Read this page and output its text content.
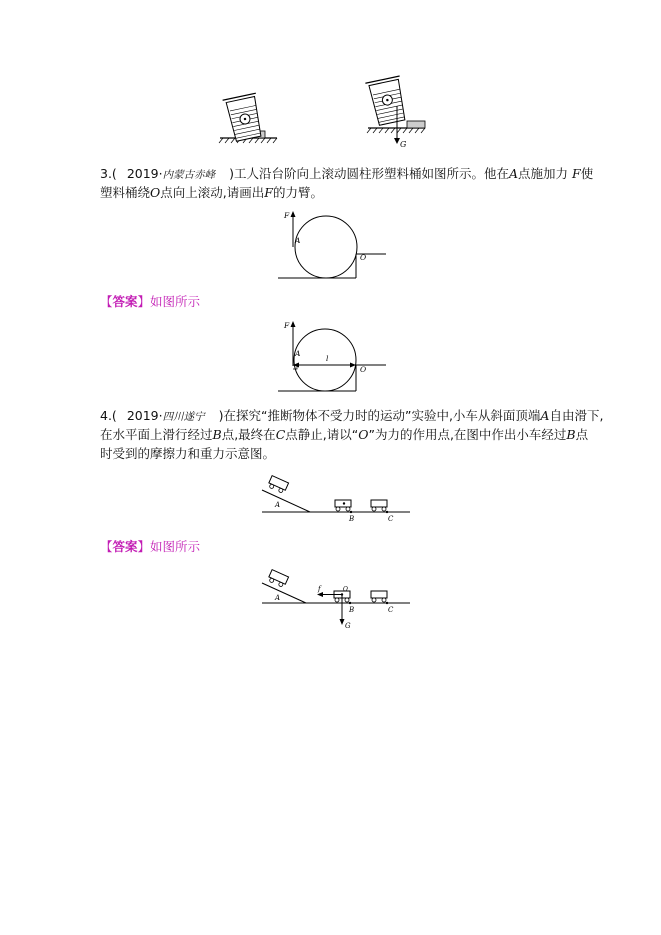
G
3.( 2019·内蒙古赤峰 )工人沿台阶向上滚动圆柱形塑料桶如图所示。他在A点施加力 F使
塑料桶绕O点向上滚动,请画出F的力臂。
F
A
O
【答案】如图所示
F
A
l
O
4.( 2019·四川遂宁 )在探究“推断物体不受力时的运动”实验中,小车从斜面顶端A自由滑下,
在水平面上滑行经过B点,最终在C点静止,请以“O”为力的作用点,在图中作出小车经过B点
时受到的摩擦力和重力示意图。
A
B	C
【答案】如图所示
A
f	O
G
B	C
